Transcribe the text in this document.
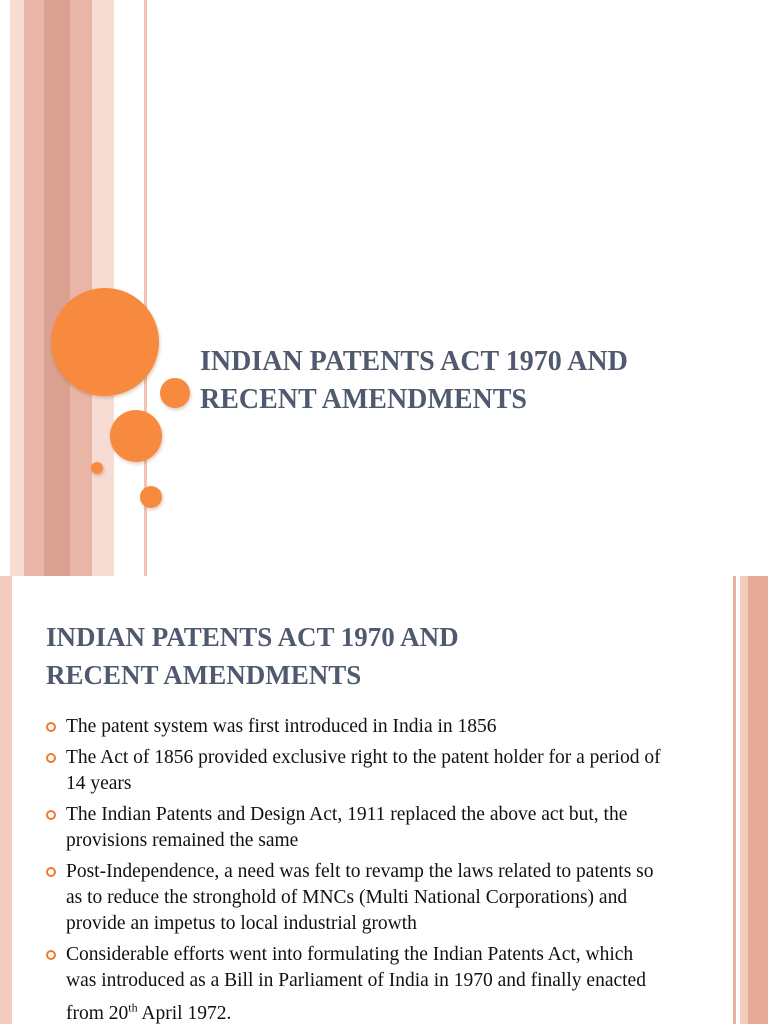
INDIAN PATENTS ACT 1970 AND
RECENT AMENDMENTS
INDIAN PATENTS ACT 1970 AND
RECENT AMENDMENTS
The patent system was first introduced in India in 1856
The Act of 1856 provided exclusive right to the patent holder for a period of 14 years
The Indian Patents and Design Act, 1911 replaced the above act but, the provisions remained the same
Post-Independence, a need was felt to revamp the laws related to patents so as to reduce the stronghold of MNCs (Multi National Corporations) and provide an impetus to local industrial growth
Considerable efforts went into formulating the Indian Patents Act, which was introduced as a Bill in Parliament of India in 1970 and finally enacted from 20th April 1972.
